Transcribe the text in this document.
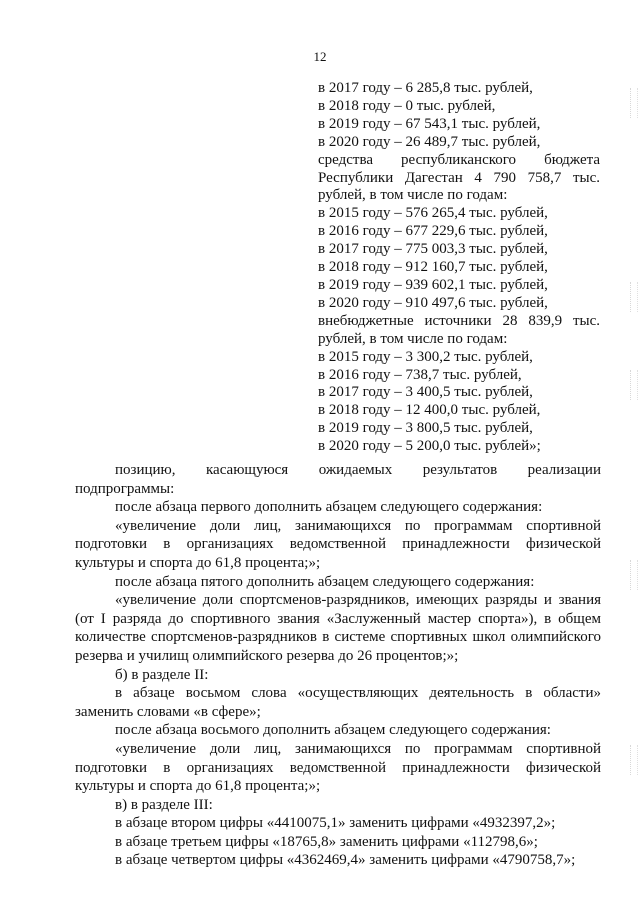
12
в 2017 году – 6 285,8 тыс. рублей,
в 2018 году – 0 тыс. рублей,
в 2019 году – 67 543,1 тыс. рублей,
в 2020 году – 26 489,7 тыс. рублей,
средства республиканского бюджета
Республики Дагестан 4 790 758,7 тыс.
рублей, в том числе по годам:
в 2015 году – 576 265,4 тыс. рублей,
в 2016 году – 677 229,6 тыс. рублей,
в 2017 году – 775 003,3 тыс. рублей,
в 2018 году – 912 160,7 тыс. рублей,
в 2019 году – 939 602,1 тыс. рублей,
в 2020 году – 910 497,6 тыс. рублей,
внебюджетные источники 28 839,9 тыс.
рублей, в том числе по годам:
в 2015 году – 3 300,2 тыс. рублей,
в 2016 году – 738,7 тыс. рублей,
в 2017 году – 3 400,5 тыс. рублей,
в 2018 году – 12 400,0 тыс. рублей,
в 2019 году – 3 800,5 тыс. рублей,
в 2020 году – 5 200,0 тыс. рублей»;
позицию, касающуюся ожидаемых результатов реализации
подпрограммы:
после абзаца первого дополнить абзацем следующего содержания:
«увеличение доли лиц, занимающихся по программам спортивной подготовки в организациях ведомственной принадлежности физической культуры и спорта до 61,8 процента;»;
после абзаца пятого дополнить абзацем следующего содержания:
«увеличение доли спортсменов-разрядников, имеющих разряды и звания (от I разряда до спортивного звания «Заслуженный мастер спорта»), в общем количестве спортсменов-разрядников в системе спортивных школ олимпийского резерва и училищ олимпийского резерва до 26 процентов;»;
б) в разделе II:
в абзаце восьмом слова «осуществляющих деятельность в области» заменить словами «в сфере»;
после абзаца восьмого дополнить абзацем следующего содержания:
«увеличение доли лиц, занимающихся по программам спортивной подготовки в организациях ведомственной принадлежности физической культуры и спорта до 61,8 процента;»;
в) в разделе III:
в абзаце втором цифры «4410075,1» заменить цифрами «4932397,2»;
в абзаце третьем цифры «18765,8» заменить цифрами «112798,6»;
в абзаце четвертом цифры «4362469,4» заменить цифрами «4790758,7»;
